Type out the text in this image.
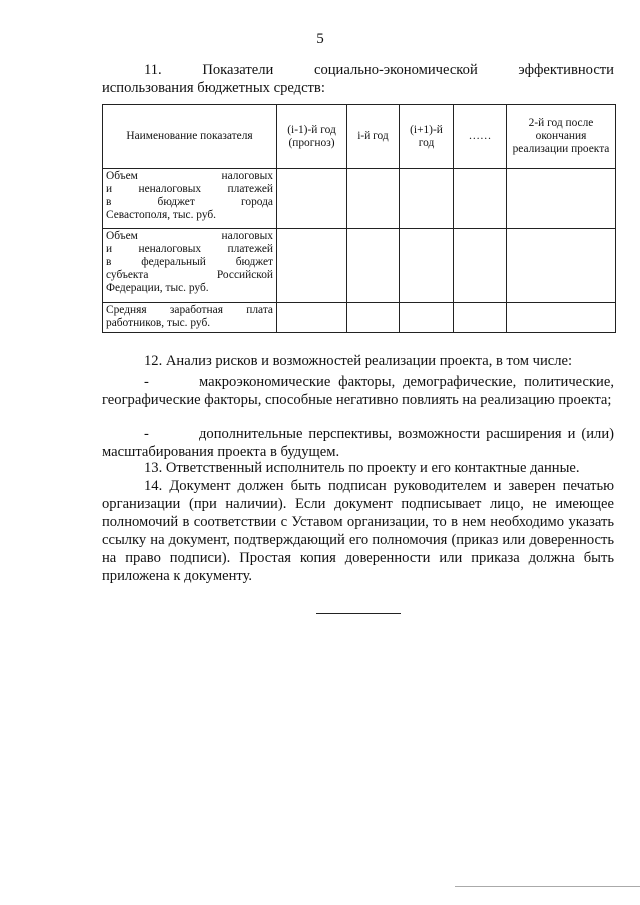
5
11. Показатели социально-экономической эффективности
использования бюджетных средств:
Наименование показателя	(i-1)-й год (прогноз)	i-й год	(i+1)-й год	……	2-й год после окончания реализации проекта

Объем налоговых
и неналоговых платежей
в бюджет города
Севастополя, тыс. руб.					

Объем налоговых
и неналоговых платежей
в федеральный бюджет
субъекта Российской
Федерации, тыс. руб.					

Средняя заработная плата
работников, тыс. руб.					

12. Анализ рисков и возможностей реализации проекта, в том числе:
-	макроэкономические факторы, демографические, политические, географические факторы, способные негативно повлиять на реализацию проекта;
-	дополнительные перспективы, возможности расширения и (или) масштабирования проекта в будущем.
13. Ответственный исполнитель по проекту и его контактные данные.
14. Документ должен быть подписан руководителем и заверен печатью организации (при наличии). Если документ подписывает лицо, не имеющее полномочий в соответствии с Уставом организации, то в нем необходимо указать ссылку на документ, подтверждающий его полномочия (приказ или доверенность на право подписи). Простая копия доверенности или приказа должна быть приложена к документу.
